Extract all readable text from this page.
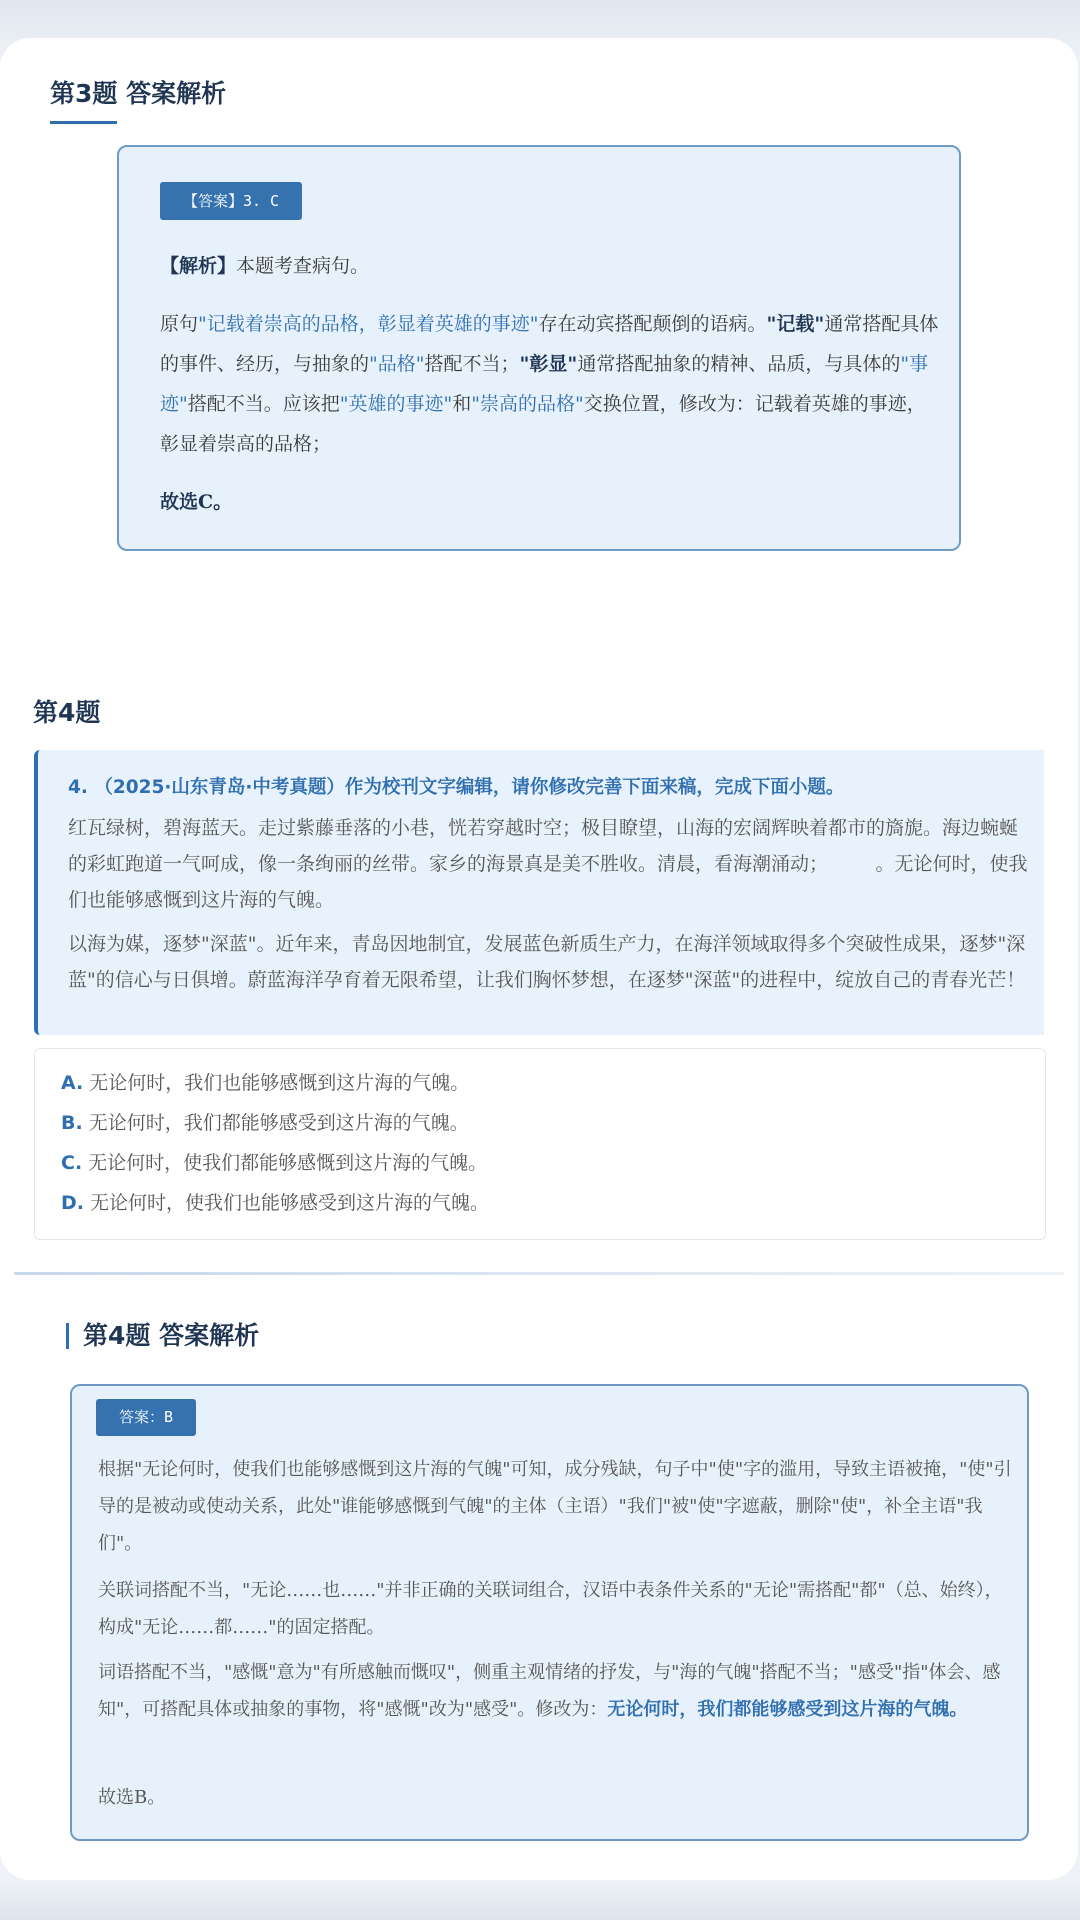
第3题 答案解析
【答案】3. C

【解析】本题考查病句。

原句"记载着崇高的品格，彰显着英雄的事迹"存在动宾搭配颠倒的语病。"记载"通常搭配具体的事件、经历，与抽象的"品格"搭配不当；"彰显"通常搭配抽象的精神、品质，与具体的"事迹"搭配不当。应该把"英雄的事迹"和"崇高的品格"交换位置，修改为：记载着英雄的事迹，彰显着崇高的品格；

故选C。

第4题

4. （2025·山东青岛·中考真题）作为校刊文字编辑，请你修改完善下面来稿，完成下面小题。

红瓦绿树，碧海蓝天。走过紫藤垂落的小巷，恍若穿越时空；极目瞭望，山海的宏阔辉映着都市的旖旎。海边蜿蜒的彩虹跑道一气呵成，像一条绚丽的丝带。家乡的海景真是美不胜收。清晨，看海潮涌动；　　　。无论何时，使我们也能够感慨到这片海的气魄。

以海为媒，逐梦"深蓝"。近年来，青岛因地制宜，发展蓝色新质生产力，在海洋领域取得多个突破性成果，逐梦"深蓝"的信心与日俱增。蔚蓝海洋孕育着无限希望，让我们胸怀梦想，在逐梦"深蓝"的进程中，绽放自己的青春光芒！

A. 无论何时，我们也能够感慨到这片海的气魄。
B. 无论何时，我们都能够感受到这片海的气魄。
C. 无论何时，使我们都能够感慨到这片海的气魄。
D. 无论何时，使我们也能够感受到这片海的气魄。
第4题 答案解析
答案：B

根据"无论何时，使我们也能够感慨到这片海的气魄"可知，成分残缺，句子中"使"字的滥用，导致主语被掩，"使"引导的是被动或使动关系，此处"谁能够感慨到气魄"的主体（主语）"我们"被"使"字遮蔽，删除"使"，补全主语"我们"。

关联词搭配不当，"无论……也……"并非正确的关联词组合，汉语中表条件关系的"无论"需搭配"都"（总、始终），构成"无论……都……"的固定搭配。

词语搭配不当，"感慨"意为"有所感触而慨叹"，侧重主观情绪的抒发，与"海的气魄"搭配不当；"感受"指"体会、感知"，可搭配具体或抽象的事物，将"感慨"改为"感受"。修改为：无论何时，我们都能够感受到这片海的气魄。

故选B。
